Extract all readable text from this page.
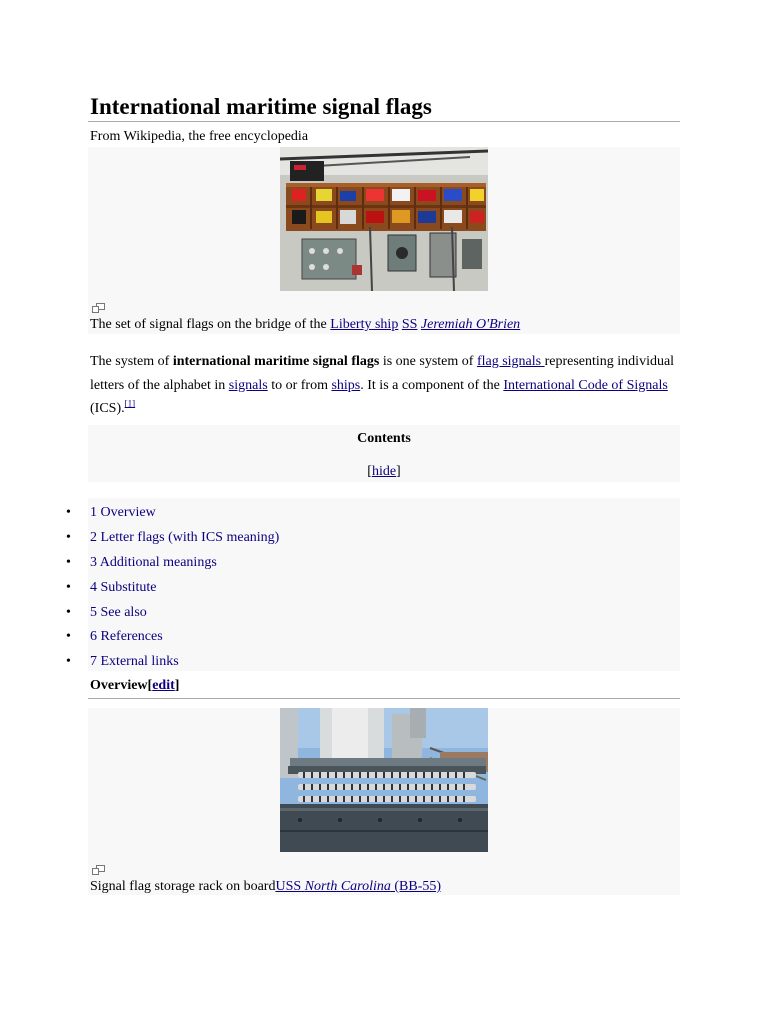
International maritime signal flags
From Wikipedia, the free encyclopedia
The set of signal flags on the bridge of the Liberty ship SS Jeremiah O'Brien
The system of international maritime signal flags is one system of flag signals representing individual letters of the alphabet in signals to or from ships. It is a component of the International Code of Signals (ICS).[1]
Contents
[hide]
• 1 Overview
• 2 Letter flags (with ICS meaning)
• 3 Additional meanings
• 4 Substitute
• 5 See also
• 6 References
• 7 External links
Overview[edit]
Signal flag storage rack on boardUSS North Carolina (BB-55)
